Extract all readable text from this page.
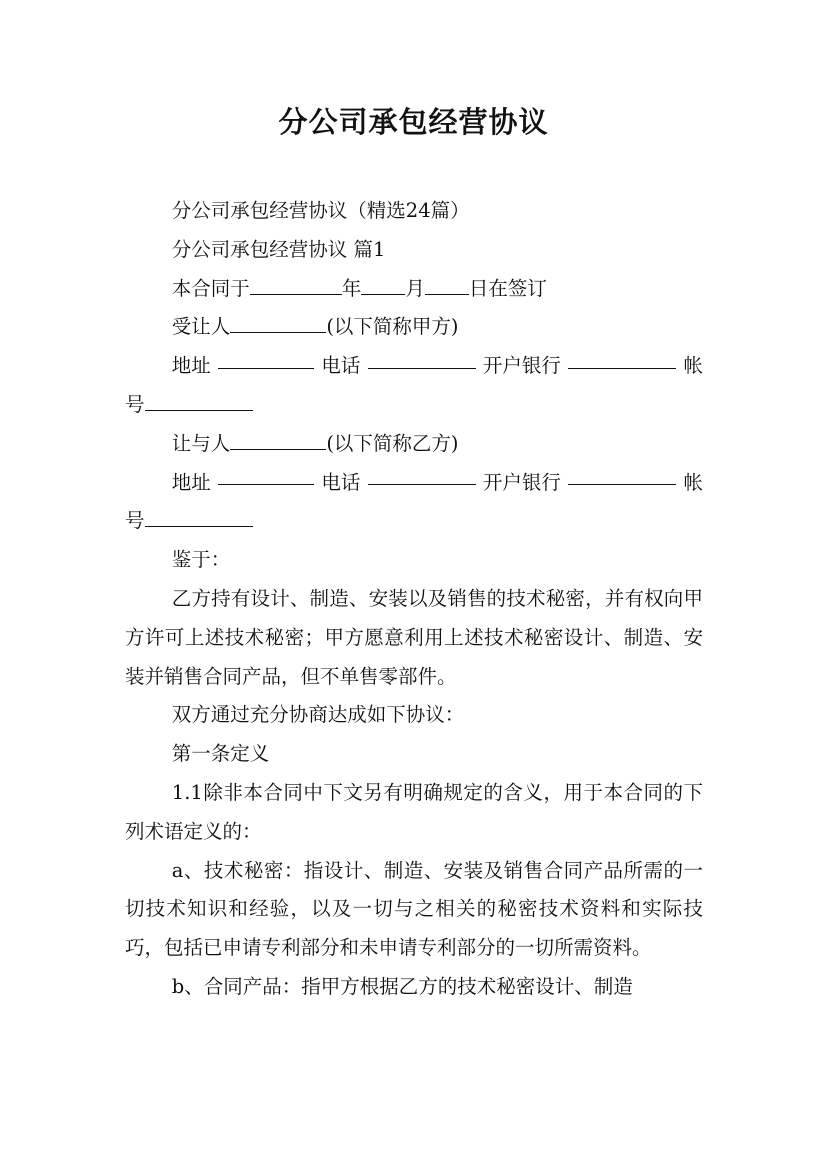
分公司承包经营协议

分公司承包经营协议（精选24篇）

分公司承包经营协议 篇1

本合同于	年 月 日在签订

受让人	(以下简称甲方)

地址	电话	开户银行	帐
号

让与人	(以下简称乙方)

地址	电话	开户银行	帐
号

鉴于：

乙方持有设计、制造、安装以及销售的技术秘密，并有权向甲方许可上述技术秘密；甲方愿意利用上述技术秘密设计、制造、安装并销售合同产品，但不单售零部件。

双方通过充分协商达成如下协议：

第一条定义

1.1除非本合同中下文另有明确规定的含义，用于本合同的下列术语定义的：

a、技术秘密：指设计、制造、安装及销售合同产品所需的一切技术知识和经验，以及一切与之相关的秘密技术资料和实际技巧，包括已申请专利部分和未申请专利部分的一切所需资料。

b、合同产品：指甲方根据乙方的技术秘密设计、制造
